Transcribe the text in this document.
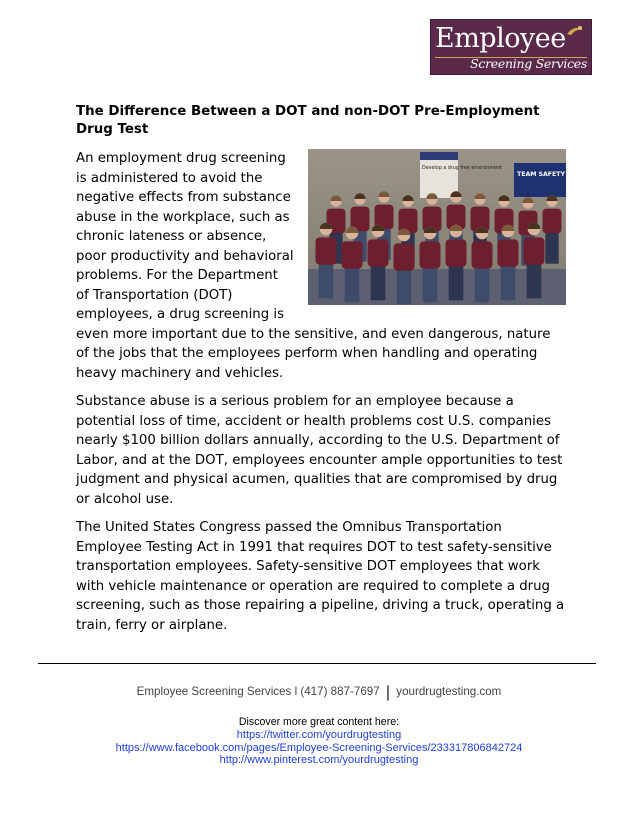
Employee
Screening Services
The Difference Between a DOT and non-DOT Pre-Employment Drug Test
Develop a drug free environment
TEAM SAFETY

An employment drug screening is administered to avoid the negative effects from substance abuse in the workplace, such as chronic lateness or absence, poor productivity and behavioral problems. For the Department of Transportation (DOT) employees, a drug screening is even more important due to the sensitive, and even dangerous, nature of the jobs that the employees perform when handling and operating heavy machinery and vehicles.

Substance abuse is a serious problem for an employee because a potential loss of time, accident or health problems cost U.S. companies nearly $100 billion dollars annually, according to the U.S. Department of Labor, and at the DOT, employees encounter ample opportunities to test judgment and physical acumen, qualities that are compromised by drug or alcohol use.

The United States Congress passed the Omnibus Transportation Employee Testing Act in 1991 that requires DOT to test safety-sensitive transportation employees. Safety-sensitive DOT employees that work with vehicle maintenance or operation are required to complete a drug screening, such as those repairing a pipeline, driving a truck, operating a train, ferry or airplane.

Employee Screening Services l (417) 887-7697 | yourdrugtesting.com
Discover more great content here:
https://twitter.com/yourdrugtesting
https://www.facebook.com/pages/Employee-Screening-Services/233317806842724
http://www.pinterest.com/yourdrugtesting
